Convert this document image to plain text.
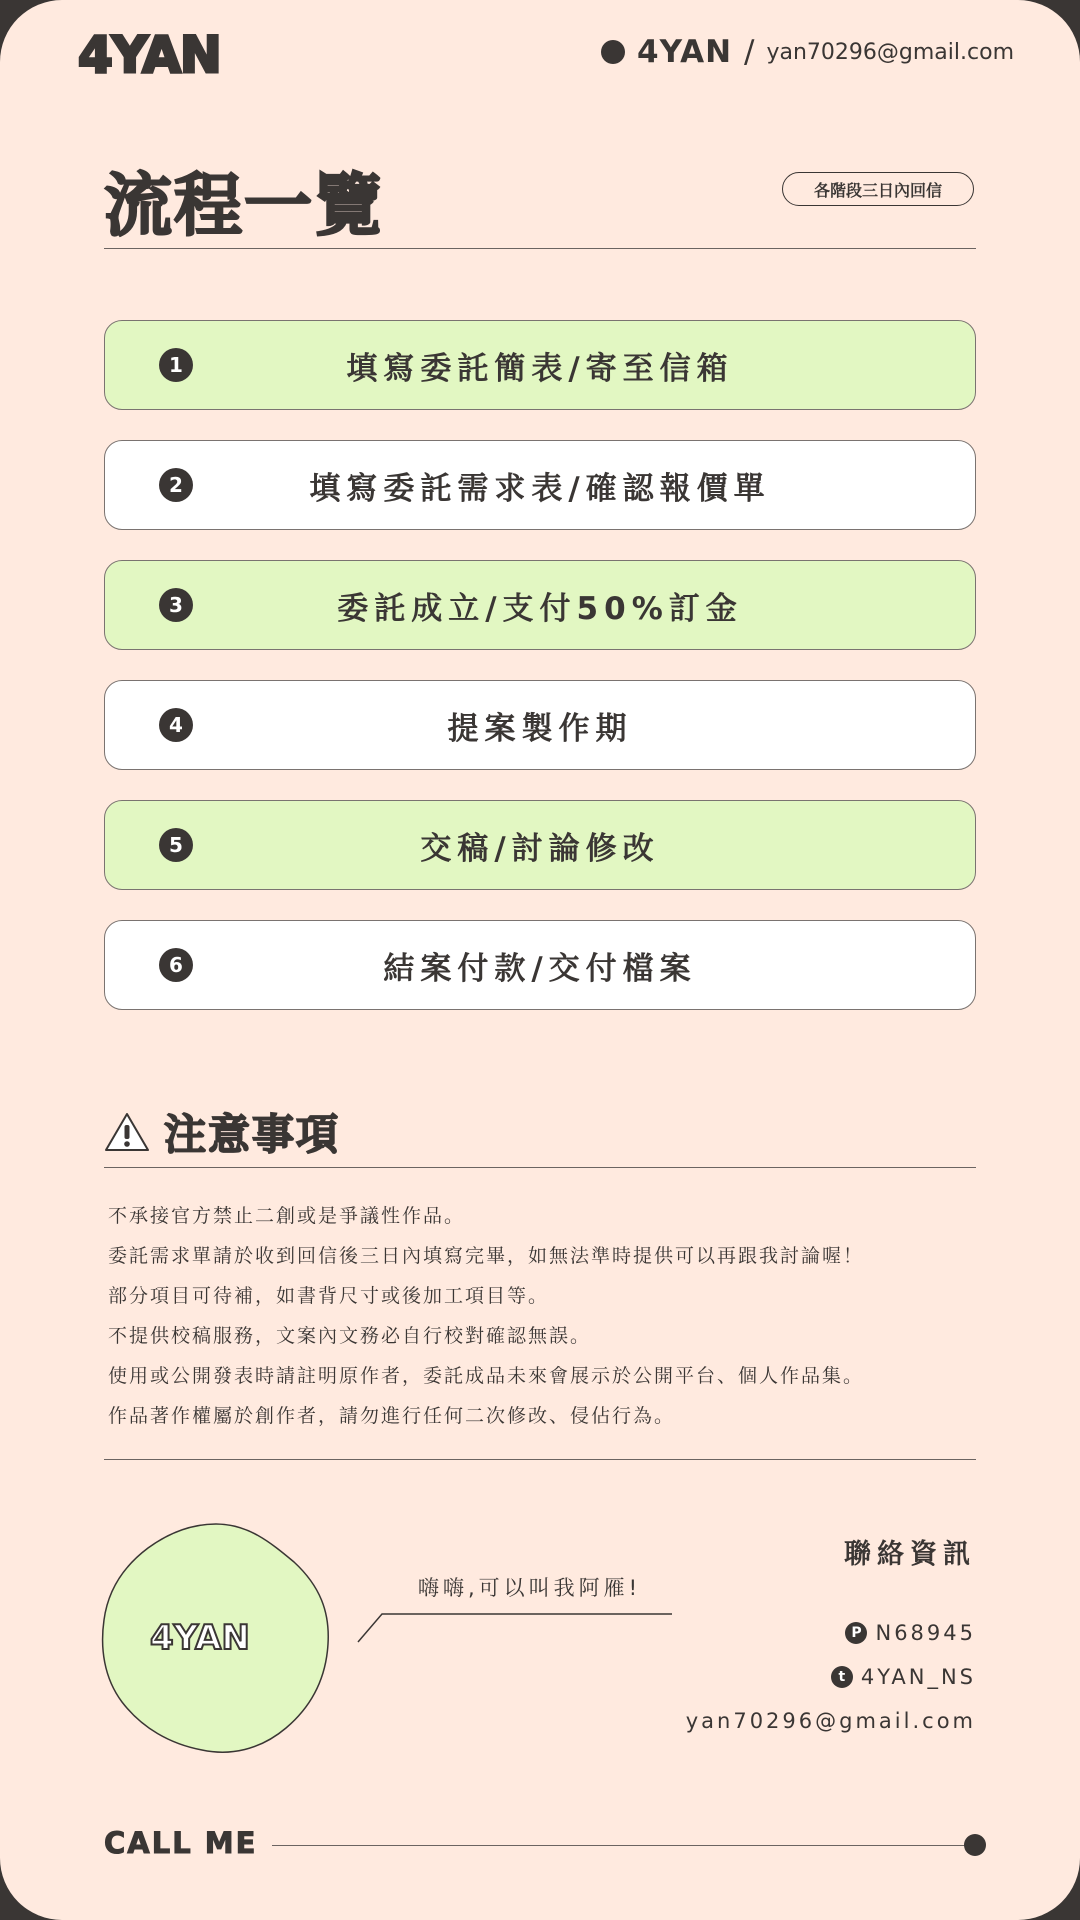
4YAN	4YAN / yan70296@gmail.com
流程一覽	各階段三日內回信
1	填寫委託簡表/寄至信箱
2	填寫委託需求表/確認報價單
3	委託成立/支付50%訂金
4	提案製作期
5	交稿/討論修改
6	結案付款/交付檔案
注意事項
不承接官方禁止二創或是爭議性作品。
委託需求單請於收到回信後三日內填寫完畢，如無法準時提供可以再跟我討論喔！
部分項目可待補，如書背尺寸或後加工項目等。
不提供校稿服務，文案內文務必自行校對確認無誤。
使用或公開發表時請註明原作者，委託成品未來會展示於公開平台、個人作品集。
作品著作權屬於創作者，請勿進行任何二次修改、侵佔行為。
4YAN
嗨嗨,可以叫我阿雁!
聯絡資訊
P N68945
t 4YAN_NS
yan70296@gmail.com
CALL ME
